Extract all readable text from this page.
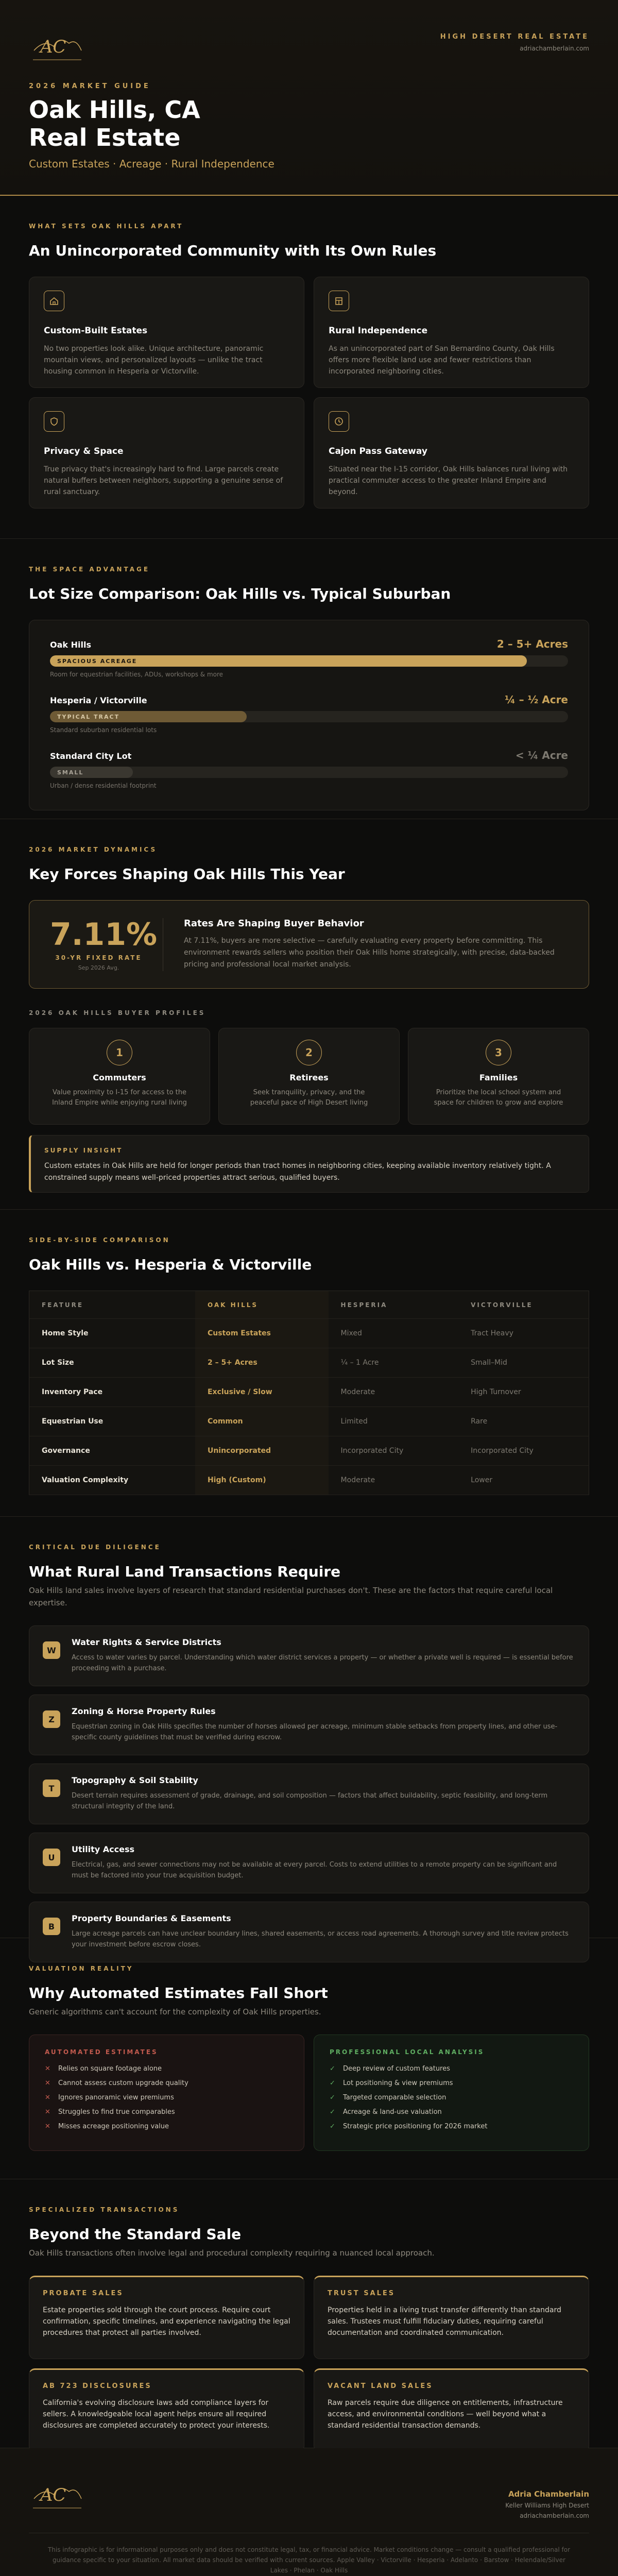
AC	HIGH DESERT REAL ESTATE
adriachamberlain.com
2026 MARKET GUIDE
Oak Hills, CA
Real Estate
Custom Estates · Acreage · Rural Independence
WHAT SETS OAK HILLS APART
An Unincorporated Community with Its Own Rules
Custom-Built Estates

No two properties look alike. Unique architecture, panoramic mountain views, and personalized layouts — unlike the tract housing common in Hesperia or Victorville.

Rural Independence

As an unincorporated part of San Bernardino County, Oak Hills offers more flexible land use and fewer restrictions than incorporated neighboring cities.

Privacy & Space

True privacy that's increasingly hard to find. Large parcels create natural buffers between neighbors, supporting a genuine sense of rural sanctuary.

Cajon Pass Gateway

Situated near the I-15 corridor, Oak Hills balances rural living with practical commuter access to the greater Inland Empire and beyond.

THE SPACE ADVANTAGE
Lot Size Comparison: Oak Hills vs. Typical Suburban
Oak Hills	2 – 5+ Acres
SPACIOUS ACREAGE
Room for equestrian facilities, ADUs, workshops & more
Hesperia / Victorville	¼ – ½ Acre
TYPICAL TRACT
Standard suburban residential lots
Standard City Lot	< ¼ Acre
SMALL
Urban / dense residential footprint
2026 MARKET DYNAMICS
Key Forces Shaping Oak Hills This Year
7.11%
30-YR FIXED RATE
Sep 2026 Avg.
Rates Are Shaping Buyer Behavior

At 7.11%, buyers are more selective — carefully evaluating every property before committing. This environment rewards sellers who position their Oak Hills home strategically, with precise, data-backed pricing and professional local market analysis.

2026 OAK HILLS BUYER PROFILES
1
Commuters

Value proximity to I-15 for access to the Inland Empire while enjoying rural living

2
Retirees

Seek tranquility, privacy, and the peaceful pace of High Desert living

3
Families

Prioritize the local school system and space for children to grow and explore

SUPPLY INSIGHT

Custom estates in Oak Hills are held for longer periods than tract homes in neighboring cities, keeping available inventory relatively tight. A constrained supply means well-priced properties attract serious, qualified buyers.

SIDE-BY-SIDE COMPARISON
Oak Hills vs. Hesperia & Victorville
FEATURE	OAK HILLS	HESPERIA	VICTORVILLE
Home Style	Custom Estates	Mixed	Tract Heavy
Lot Size	2 – 5+ Acres	¼ – 1 Acre	Small–Mid
Inventory Pace	Exclusive / Slow	Moderate	High Turnover
Equestrian Use	Common	Limited	Rare
Governance	Unincorporated	Incorporated City	Incorporated City
Valuation Complexity	High (Custom)	Moderate	Lower
CRITICAL DUE DILIGENCE
What Rural Land Transactions Require

Oak Hills land sales involve layers of research that standard residential purchases don't. These are the factors that require careful local expertise.

W
Water Rights & Service Districts

Access to water varies by parcel. Understanding which water district services a property — or whether a private well is required — is essential before proceeding with a purchase.

Z
Zoning & Horse Property Rules

Equestrian zoning in Oak Hills specifies the number of horses allowed per acreage, minimum stable setbacks from property lines, and other use-specific county guidelines that must be verified during escrow.

T
Topography & Soil Stability

Desert terrain requires assessment of grade, drainage, and soil composition — factors that affect buildability, septic feasibility, and long-term structural integrity of the land.

U
Utility Access

Electrical, gas, and sewer connections may not be available at every parcel. Costs to extend utilities to a remote property can be significant and must be factored into your true acquisition budget.

B
Property Boundaries & Easements

Large acreage parcels can have unclear boundary lines, shared easements, or access road agreements. A thorough survey and title review protects your investment before escrow closes.

VALUATION REALITY
Why Automated Estimates Fall Short

Generic algorithms can't account for the complexity of Oak Hills properties.

AUTOMATED ESTIMATES
✕	Relies on square footage alone
✕	Cannot assess custom upgrade quality
✕	Ignores panoramic view premiums
✕	Struggles to find true comparables
✕	Misses acreage positioning value
PROFESSIONAL LOCAL ANALYSIS
✓	Deep review of custom features
✓	Lot positioning & view premiums
✓	Targeted comparable selection
✓	Acreage & land-use valuation
✓	Strategic price positioning for 2026 market
SPECIALIZED TRANSACTIONS
Beyond the Standard Sale

Oak Hills transactions often involve legal and procedural complexity requiring a nuanced local approach.

PROBATE SALES

Estate properties sold through the court process. Require court confirmation, specific timelines, and experience navigating the legal procedures that protect all parties involved.

TRUST SALES

Properties held in a living trust transfer differently than standard sales. Trustees must fulfill fiduciary duties, requiring careful documentation and coordinated communication.

AB 723 DISCLOSURES

California's evolving disclosure laws add compliance layers for sellers. A knowledgeable local agent helps ensure all required disclosures are completed accurately to protect your interests.

VACANT LAND SALES

Raw parcels require due diligence on entitlements, infrastructure access, and environmental conditions — well beyond what a standard residential transaction demands.

AC	Adria Chamberlain
Keller Williams High Desert
adriachamberlain.com

This infographic is for informational purposes only and does not constitute legal, tax, or financial advice. Market conditions change — consult a qualified professional for guidance specific to your situation. All market data should be verified with current sources. Apple Valley · Victorville · Hesperia · Adelanto · Barstow · Helendale/Silver Lakes · Phelan · Oak Hills
